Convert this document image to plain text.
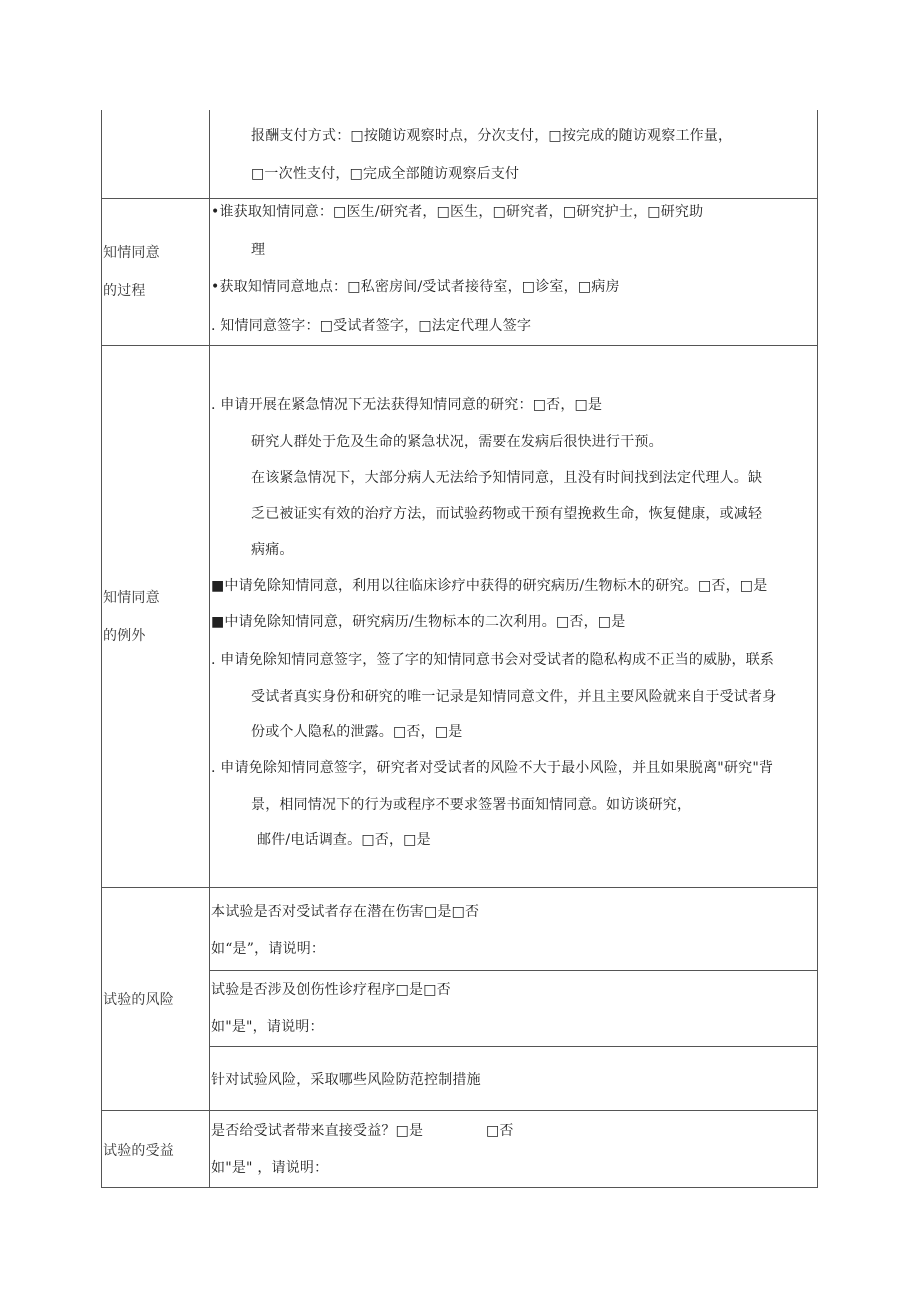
报酬支付方式：□按随访观察时点，分次支付，□按完成的随访观察工作量，
□一次性支付，□完成全部随访观察后支付
知情同意
的过程
•谁获取知情同意：□医生/研究者，□医生，□研究者，□研究护士，□研究助
理
•获取知情同意地点：□私密房间/受试者接待室，□诊室，□病房
. 知情同意签字：□受试者签字，□法定代理人签字
知情同意
的例外
. 申请开展在紧急情况下无法获得知情同意的研究：□否，□是
研究人群处于危及生命的紧急状况，需要在发病后很快进行干预。
在该紧急情况下，大部分病人无法给予知情同意，且没有时间找到法定代理人。缺
乏已被证实有效的治疗方法，而试验药物或干预有望挽救生命，恢复健康，或减轻
病痛。
■中请免除知情同意，利用以往临床诊疗中获得的研究病历/生物标木的研究。□否，□是
■中请免除知情同意，研究病历/生物标本的二次利用。□否，□是
. 申请免除知情同意签字，签了字的知情同意书会对受试者的隐私构成不正当的威胁，联系
受试者真实身份和研究的唯一记录是知情同意文件，并且主要风险就来自于受试者身
份或个人隐私的泄露。□否，□是
. 申请免除知情同意签字，研究者对受试者的风险不大于最小风险，并且如果脱离"研究"背
景，相同情况下的行为或程序不要求签署书面知情同意。如访谈研究，
邮件/电话调查。□否，□是
试验的风险
本试验是否对受试者存在潜在伤害□是□否
如“是”，请说明：
试验是否涉及创伤性诊疗程序□是□否
如"是"，请说明：
针对试验风险，采取哪些风险防范控制措施
试验的受益
是否给受试者带来直接受益？□是	□否
如"是" ，请说明：
